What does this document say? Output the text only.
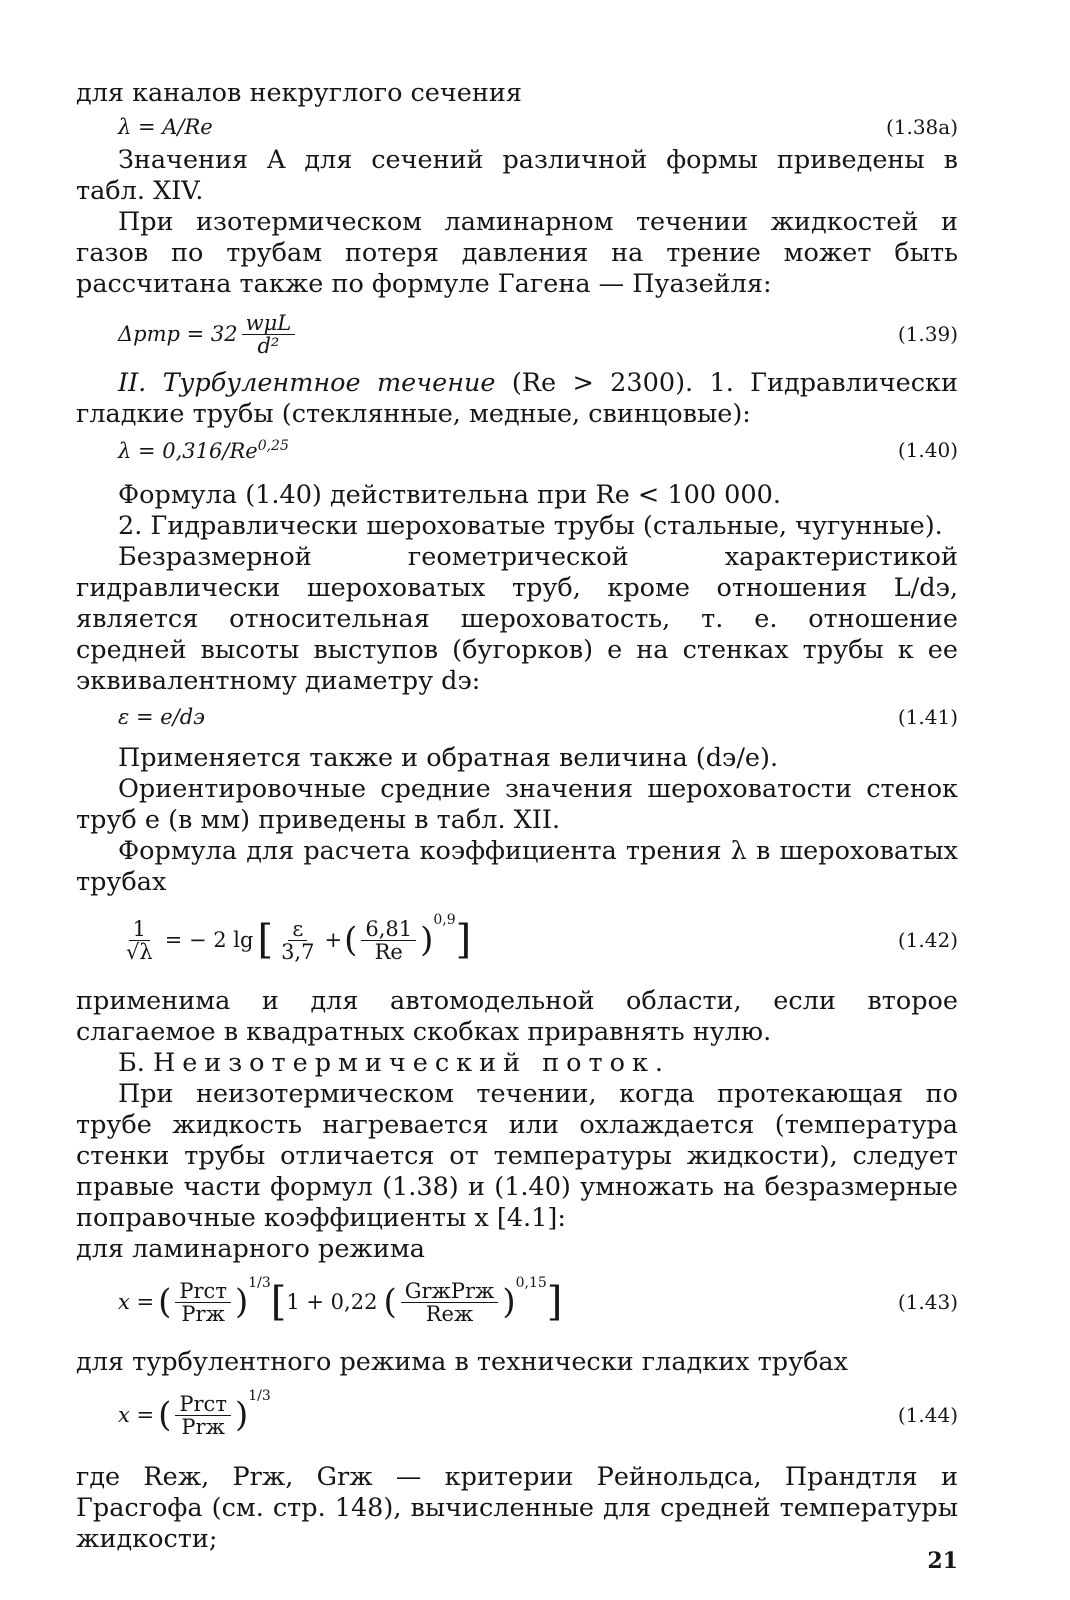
для каналов некруглого сечения

λ = A/Re	(1.38а)

Значения A для сечений различной формы приведены в табл. XIV.

При изотермическом ламинарном течении жидкостей и газов по трубам потеря давления на трение может быть рассчитана также по формуле Гагена — Пуазейля:

$\Delta pтр = 32 \frac{\text{wμL}}{\text{d²}}$	(1.39)

II. Турбулентное течение (Re > 2300). 1. Гидравлически гладкие трубы (стеклянные, медные, свинцовые):

λ = 0,316/Re$^{0,25}$	(1.40)

Формула (1.40) действительна при Re < 100 000.

2. Гидравлически шероховатые трубы (стальные, чугунные).

Безразмерной геометрической характеристикой гидравлически шероховатых труб, кроме отношения L/dэ, является относительная шероховатость, т. е. отношение средней высоты выступов (бугорков) e на стенках трубы к ее эквивалентному диаметру dэ:

ε = e/dэ	(1.41)

Применяется также и обратная величина (dэ/e).

Ориентировочные средние значения шероховатости стенок труб e (в мм) приведены в табл. XII.

Формула для расчета коэффициента трения λ в шероховатых трубах

$\frac{1}{√\lambda}$ = − 2 lg [ $\frac{\varepsilon}{3,7}$ + ( $\frac{6,81}{Re} )^{0,9}$ ]	(1.42)

применима и для автомодельной области, если второе слагаемое в квадратных скобках приравнять нулю.

Б. Неизотермический поток.

При неизотермическом течении, когда протекающая по трубе жидкость нагревается или охлаждается (температура стенки трубы отличается от температуры жидкости), следует правые части формул (1.38) и (1.40) умножать на безразмерные поправочные коэффициенты x [4.1]:

для ламинарного режима

x = ( $\frac{\text{Prст}}{\text{Prж}} )^{1/3}$ [ 1 + 0,22 ( $\frac{\text{GrжPrж}}{\text{Reж}} )^{0,15}$ ]	(1.43)

для турбулентного режима в технически гладких трубах

x = ( $\frac{\text{Prст}}{\text{Prж}} )^{1/3}$
(1.44)

где Reж, Prж, Grж — критерии Рейнольдса, Прандтля и Грасгофа (см. стр. 148), вычисленные для средней температуры жидкости;

21
